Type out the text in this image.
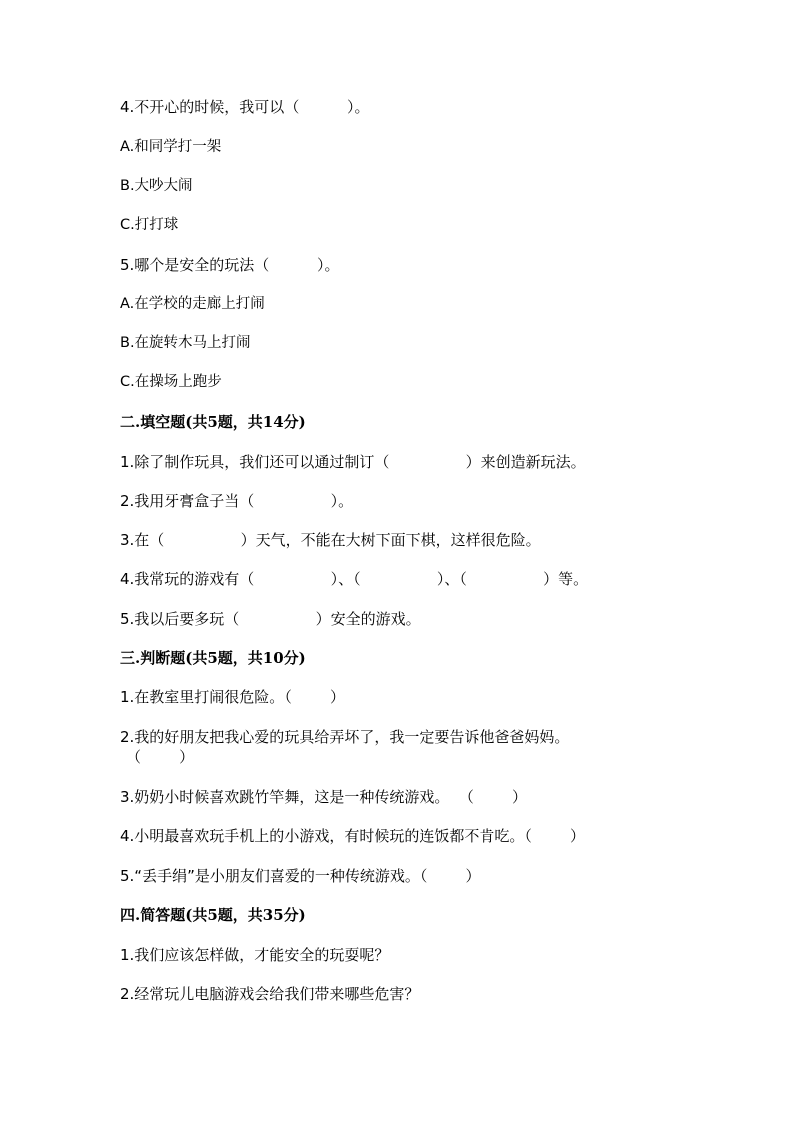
4.不开心的时候，我可以（          ）。
A.和同学打一架
B.大吵大闹
C.打打球
5.哪个是安全的玩法（          ）。
A.在学校的走廊上打闹
B.在旋转木马上打闹
C.在操场上跑步
二.填空题(共5题，共14分)
1.除了制作玩具，我们还可以通过制订（                ）来创造新玩法。
2.我用牙膏盒子当（                ）。
3.在（                ）天气，不能在大树下面下棋，这样很危险。
4.我常玩的游戏有（                ）、（                ）、（                ）等。
5.我以后要多玩（                ）安全的游戏。
三.判断题(共5题，共10分)
1.在教室里打闹很危险。（        ）
2.我的好朋友把我心爱的玩具给弄坏了，我一定要告诉他爸爸妈妈。
（        ）
3.奶奶小时候喜欢跳竹竿舞，这是一种传统游戏。  （        ）
4.小明最喜欢玩手机上的小游戏，有时候玩的连饭都不肯吃。（        ）
5.“丢手绢”是小朋友们喜爱的一种传统游戏。（        ）
四.简答题(共5题，共35分)
1.我们应该怎样做，才能安全的玩耍呢？
2.经常玩儿电脑游戏会给我们带来哪些危害？
